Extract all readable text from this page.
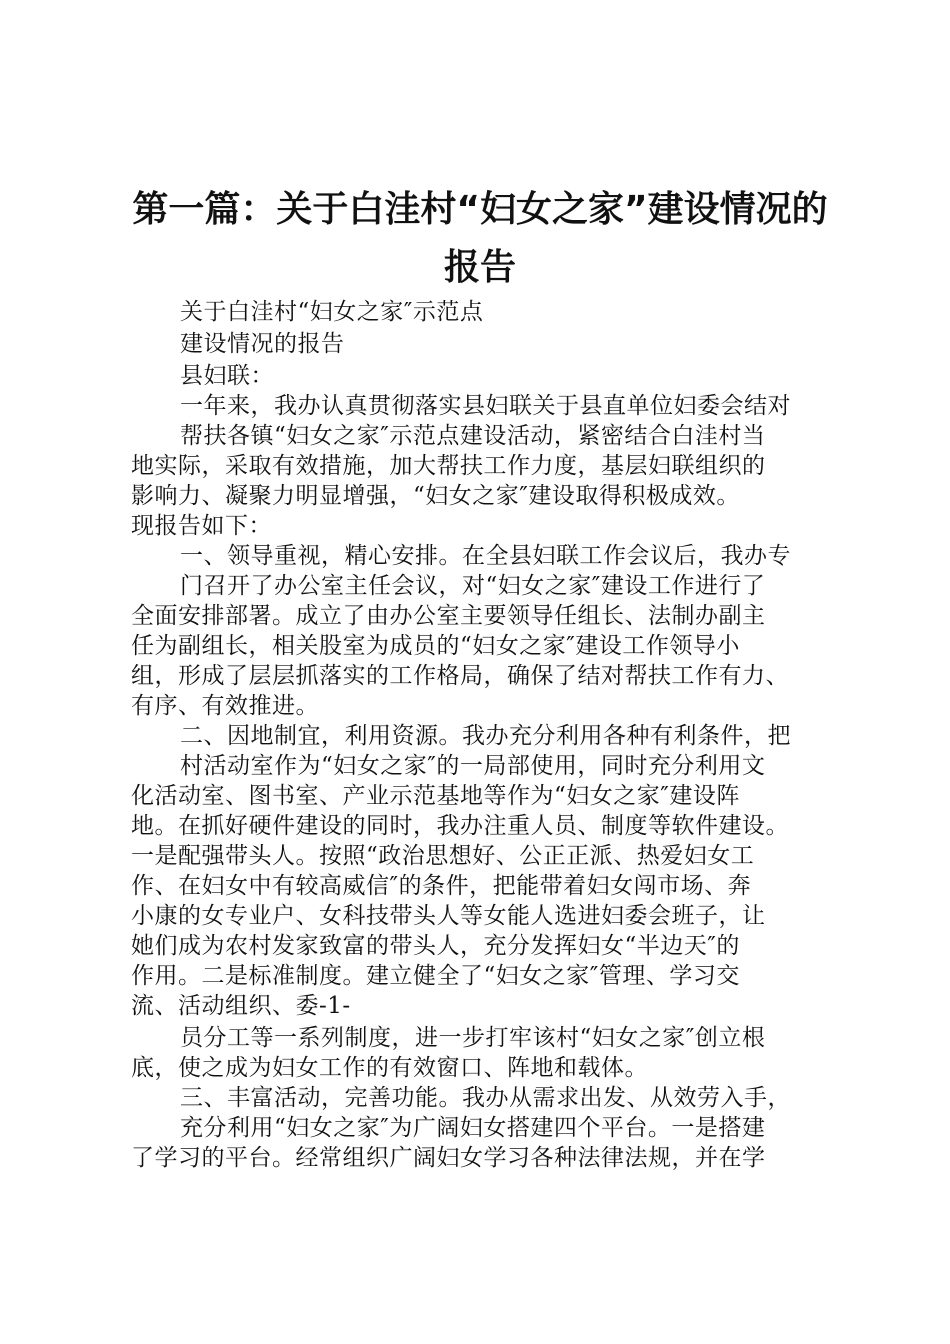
第一篇：关于白洼村“妇女之家”建设情况的
报告
关于白洼村“妇女之家″示范点
建设情况的报告
县妇联：
一年来，我办认真贯彻落实县妇联关于县直单位妇委会结对
帮扶各镇“妇女之家″示范点建设活动，紧密结合白洼村当
地实际，采取有效措施，加大帮扶工作力度，基层妇联组织的
影响力、凝聚力明显增强，“妇女之家″建设取得积极成效。
现报告如下：
一、领导重视，精心安排。在全县妇联工作会议后，我办专
门召开了办公室主任会议，对“妇女之家″建设工作进行了
全面安排部署。成立了由办公室主要领导任组长、法制办副主
任为副组长，相关股室为成员的“妇女之家″建设工作领导小
组，形成了层层抓落实的工作格局，确保了结对帮扶工作有力、
有序、有效推进。
二、因地制宜，利用资源。我办充分利用各种有利条件，把
村活动室作为“妇女之家″的一局部使用，同时充分利用文
化活动室、图书室、产业示范基地等作为“妇女之家″建设阵
地。在抓好硬件建设的同时，我办注重人员、制度等软件建设。
一是配强带头人。按照“政治思想好、公正正派、热爱妇女工
作、在妇女中有较高威信″的条件，把能带着妇女闯市场、奔
小康的女专业户、女科技带头人等女能人选进妇委会班子，让
她们成为农村发家致富的带头人，充分发挥妇女“半边天″的
作用。二是标准制度。建立健全了“妇女之家″管理、学习交
流、活动组织、委-1-
员分工等一系列制度，进一步打牢该村“妇女之家″创立根
底，使之成为妇女工作的有效窗口、阵地和载体。
三、丰富活动，完善功能。我办从需求出发、从效劳入手，
充分利用“妇女之家″为广阔妇女搭建四个平台。一是搭建
了学习的平台。经常组织广阔妇女学习各种法律法规，并在学
